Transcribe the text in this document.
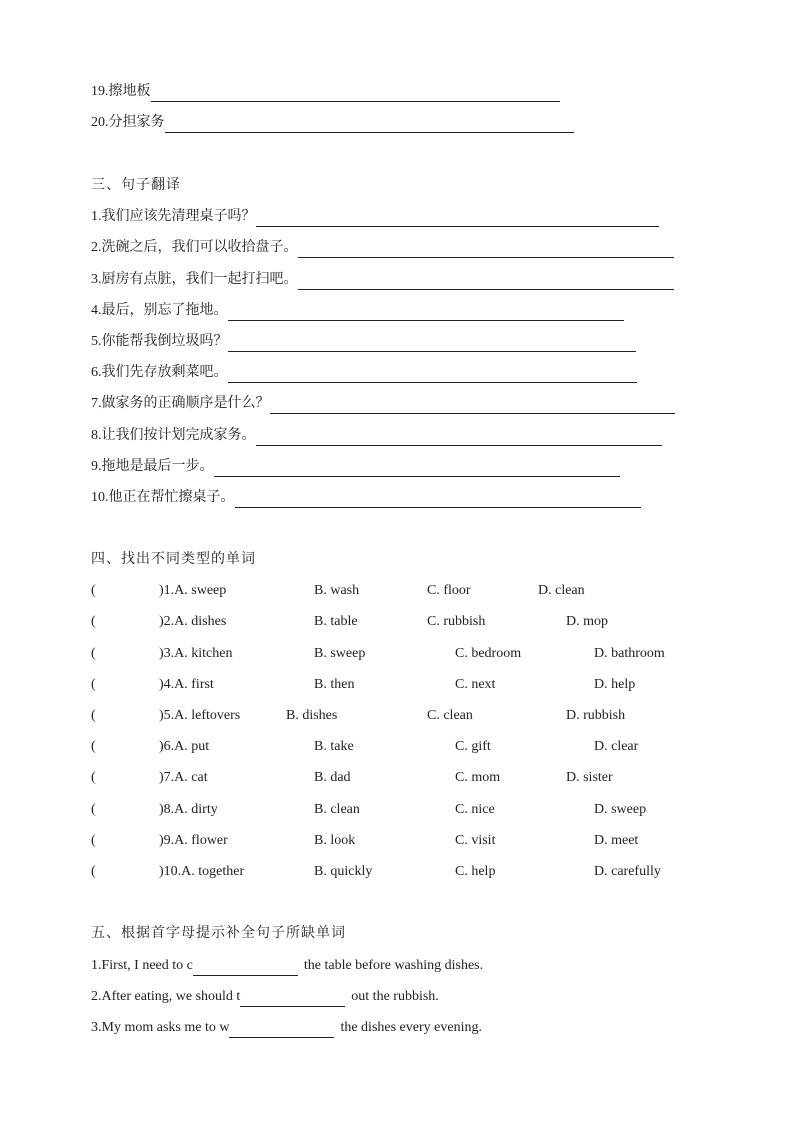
19.擦地板
20.分担家务
三、句子翻译
1.我们应该先清理桌子吗？
2.洗碗之后，我们可以收拾盘子。
3.厨房有点脏，我们一起打扫吧。
4.最后，别忘了拖地。
5.你能帮我倒垃圾吗？
6.我们先存放剩菜吧。
7.做家务的正确顺序是什么？
8.让我们按计划完成家务。
9.拖地是最后一步。
10.他正在帮忙擦桌子。
四、找出不同类型的单词
(	)1.A. sweep	B. wash	C. floor	D. clean
(	)2.A. dishes	B. table	C. rubbish	D. mop
(	)3.A. kitchen	B. sweep	C. bedroom	D. bathroom
(	)4.A. first	B. then	C. next	D. help
(	)5.A. leftovers	B. dishes	C. clean	D. rubbish
(	)6.A. put	B. take	C. gift	D. clear
(	)7.A. cat	B. dad	C. mom	D. sister
(	)8.A. dirty	B. clean	C. nice	D. sweep
(	)9.A. flower	B. look	C. visit	D. meet
(	)10.A. together	B. quickly	C. help	D. carefully
五、根据首字母提示补全句子所缺单词
1.First, I need to c	the table before washing dishes.
2.After eating, we should t	out the rubbish.
3.My mom asks me to w	the dishes every evening.
